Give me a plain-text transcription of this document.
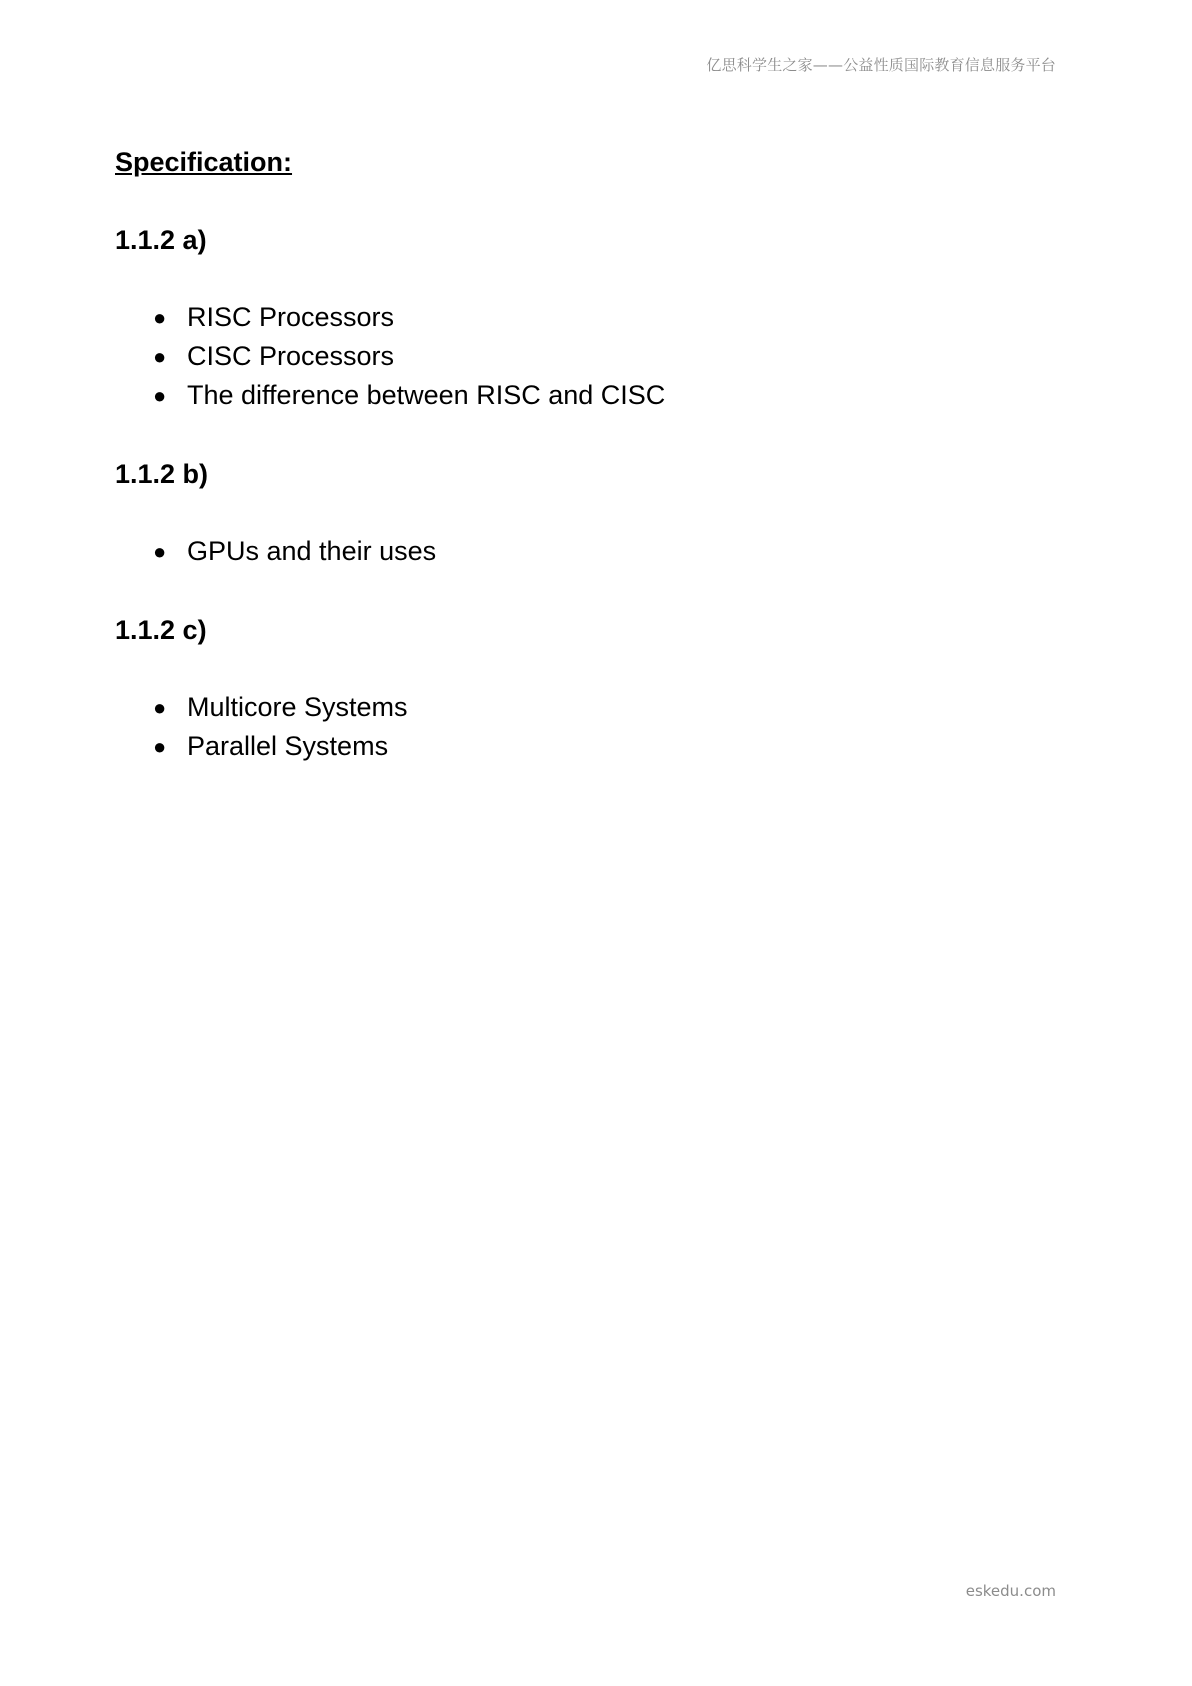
亿思科学生之家——公益性质国际教育信息服务平台
Specification:
1.1.2 a)
● RISC Processors
● CISC Processors
● The difference between RISC and CISC
1.1.2 b)
● GPUs and their uses
1.1.2 c)
● Multicore Systems
● Parallel Systems
eskedu.com
